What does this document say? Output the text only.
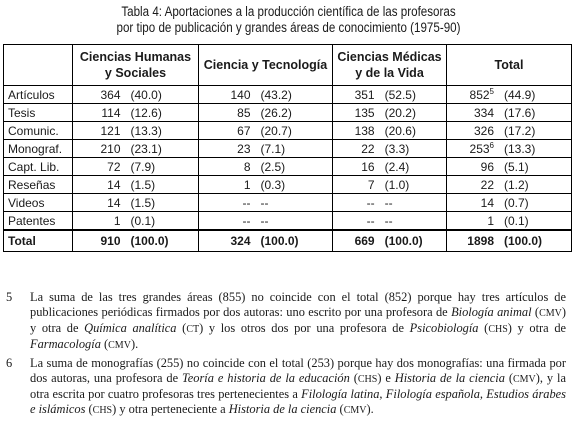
Tabla 4: Aportaciones a la producción científica de las profesoras
por tipo de publicación y grandes áreas de conocimiento (1975-90)
	Ciencias Humanas y Sociales	Ciencia y Tecnología	Ciencias Médicas y de la Vida	Total
Artículos	364 (40.0)	140 (43.2)	351 (52.5)	$852^5$ (44.9)

Tesis	114 (12.6)	85 (26.2)	135 (20.2)	334 (17.6)

Comunic.	121 (13.3)	67 (20.7)	138 (20.6)	326 (17.2)

Monograf.	210 (23.1)	23 (7.1)	22 (3.3)	$253^6$ (13.3)

Capt. Lib.	72 (7.9)	8 (2.5)	16 (2.4)	96 (5.1)

Reseñas	14 (1.5)	1 (0.3)	7 (1.0)	22 (1.2)

Videos	14 (1.5)	-- --	-- --	14 (0.7)

Patentes	1 (0.1)	-- --	-- --	1 (0.1)

Total	910 (100.0)	324 (100.0)	669 (100.0)	1898 (100.0)
5	La suma de las tres grandes áreas (855) no coincide con el total (852) porque hay tres artículos de publicaciones periódicas firmados por dos autoras: uno escrito por una profesora de Biología animal (CMV) y otra de Química analítica (CT) y los otros dos por una profesora de Psicobiología (CHS) y otra de Farmacología (CMV).
6	La suma de monografías (255) no coincide con el total (253) porque hay dos monografías: una firmada por dos autoras, una profesora de Teoría e historia de la educación (CHS) e Historia de la ciencia (CMV), y la otra escrita por cuatro profesoras tres pertenecientes a Filología latina, Filología española, Estudios árabes e islámicos (CHS) y otra perteneciente a Historia de la ciencia (CMV).
